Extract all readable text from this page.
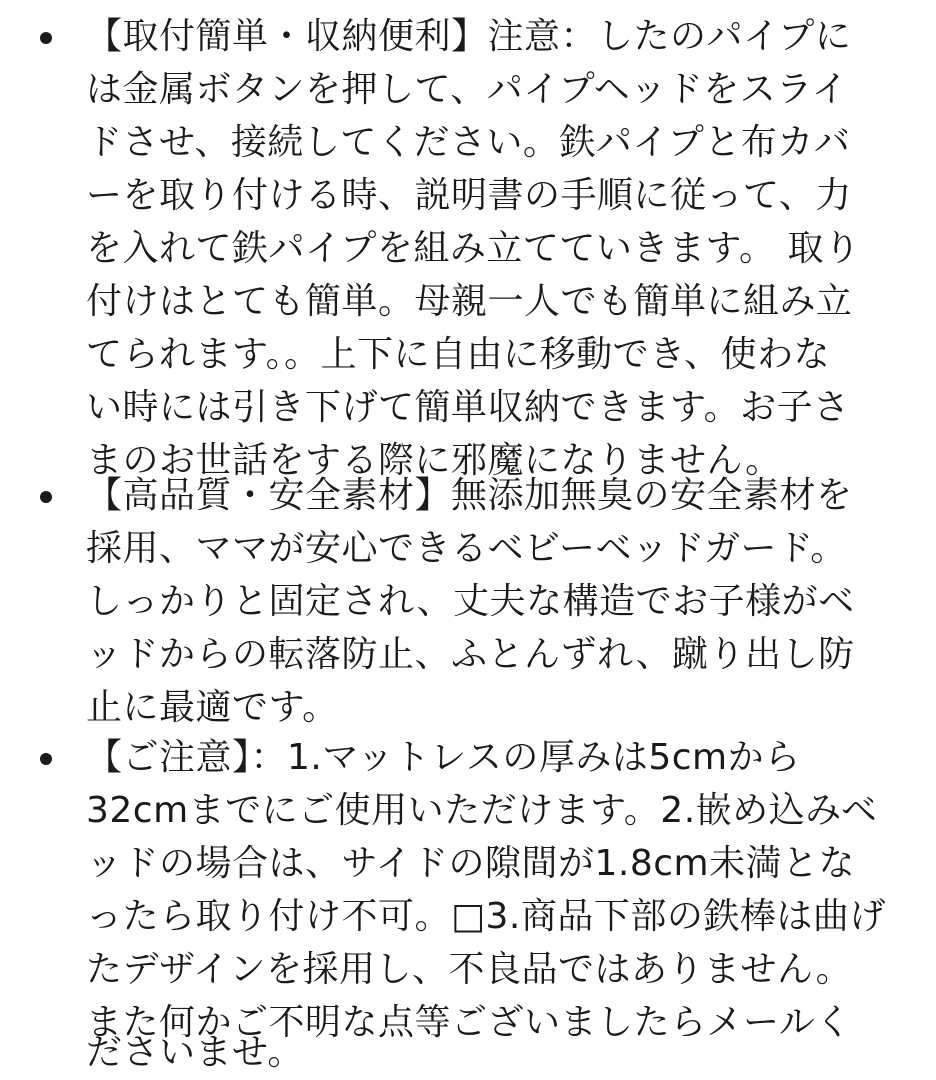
【取付簡単・収納便利】注意：したのパイプに
は金属ボタンを押して、パイプヘッドをスライ
ドさせ、接続してください。鉄パイプと布カバ
ーを取り付ける時、説明書の手順に従って、力
を入れて鉄パイプを組み立てていきます。 取り
付けはとても簡単。母親一人でも簡単に組み立
てられます。。上下に自由に移動でき、使わな
い時には引き下げて簡単収納できます。お子さ
まのお世話をする際に邪魔になりません。
【高品質・安全素材】無添加無臭の安全素材を
採用、ママが安心できるベビーベッドガード。
しっかりと固定され、丈夫な構造でお子様がベ
ッドからの転落防止、ふとんずれ、蹴り出し防
止に最適です。
【ご注意】：1.マットレスの厚みは5cmから
32cmまでにご使用いただけます。2.嵌め込みベ
ッドの場合は、サイドの隙間が1.8cm未満とな
ったら取り付け不可。□3.商品下部の鉄棒は曲げ
たデザインを採用し、不良品ではありません。
また何かご不明な点等ございましたらメールく
ださいませ。
